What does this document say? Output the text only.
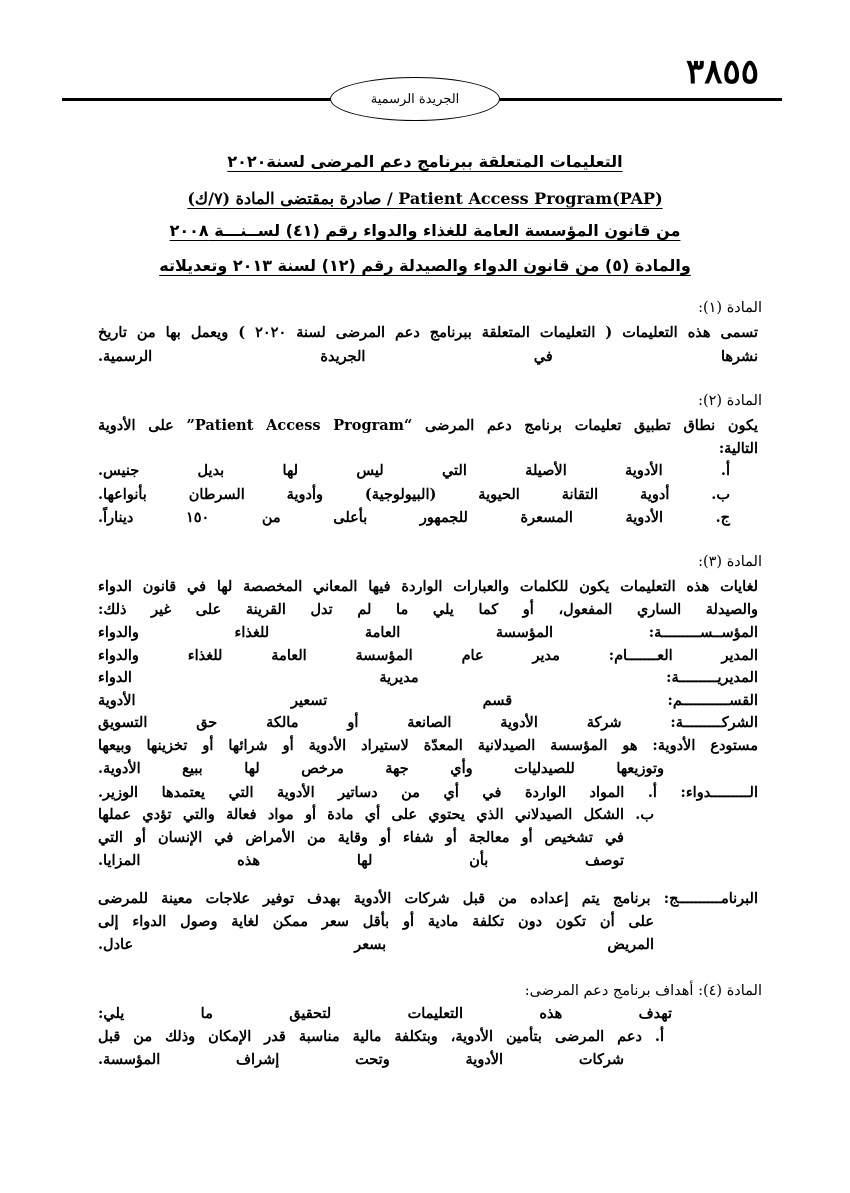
٣٨٥٥
الجريدة الرسمية
التعليمات المتعلقة ببرنامج دعم المرضى لسنة٢٠٢٠
Patient Access Program(PAP) / صادرة بمقتضى المادة (٧/ك)
من قانون المؤسسة العامة للغذاء والدواء رقم (٤١) لســنـــة ٢٠٠٨
والمادة (٥) من قانون الدواء والصيدلة رقم (١٢) لسنة ٢٠١٣ وتعديلاته
المادة (١):
تسمى هذه التعليمات ( التعليمات المتعلقة ببرنامج دعم المرضى لسنة ٢٠٢٠ ) ويعمل بها من تاريخ
نشرها في الجريدة الرسمية.
المادة (٢):
يكون نطاق تطبيق تعليمات برنامج دعم المرضى “Patient Access Program” على الأدوية
التالية:
أ. الأدوية الأصيلة التي ليس لها بديل جنيس.
ب. أدوية التقانة الحيوية (البيولوجية) وأدوية السرطان بأنواعها.
ج. الأدوية المسعرة للجمهور بأعلى من ١٥٠ ديناراً.
المادة (٣):
لغايات هذه التعليمات يكون للكلمات والعبارات الواردة فيها المعاني المخصصة لها في قانون الدواء
والصيدلة الساري المفعول، أو كما يلي ما لم تدل القرينة على غير ذلك:
المؤســســـــــــة: المؤسسة العامة للغذاء والدواء
المدير العـــــــام: مدير عام المؤسسة العامة للغذاء والدواء
المديريـــــــــة: مديرية الدواء
القســـــــــــم: قسم تسعير الأدوية
الشركـــــــــة: شركة الأدوية الصانعة أو مالكة حق التسويق
مستودع الأدوية: هو المؤسسة الصيدلانية المعدّة لاستيراد الأدوية أو شرائها أو تخزينها وبيعها
وتوزيعها للصيدليات وأي جهة مرخص لها ببيع الأدوية.
الـــــــــدواء: أ. المواد الواردة في أي من دساتير الأدوية التي يعتمدها الوزير.
ب. الشكل الصيدلاني الذي يحتوي على أي مادة أو مواد فعالة والتي تؤدي عملها
في تشخيص أو معالجة أو شفاء أو وقاية من الأمراض في الإنسان أو التي
توصف بأن لها هذه المزايا.
البرنامــــــــــج: برنامج يتم إعداده من قبل شركات الأدوية بهدف توفير علاجات معينة للمرضى
على أن تكون دون تكلفة مادية أو بأقل سعر ممكن لغاية وصول الدواء إلى
المريض بسعر عادل.
المادة (٤): أهداف برنامج دعم المرضى:
تهدف هذه التعليمات لتحقيق ما يلي:
أ. دعم المرضى بتأمين الأدوية، وبتكلفة مالية مناسبة قدر الإمكان وذلك من قبل
شركات الأدوية وتحت إشراف المؤسسة.
